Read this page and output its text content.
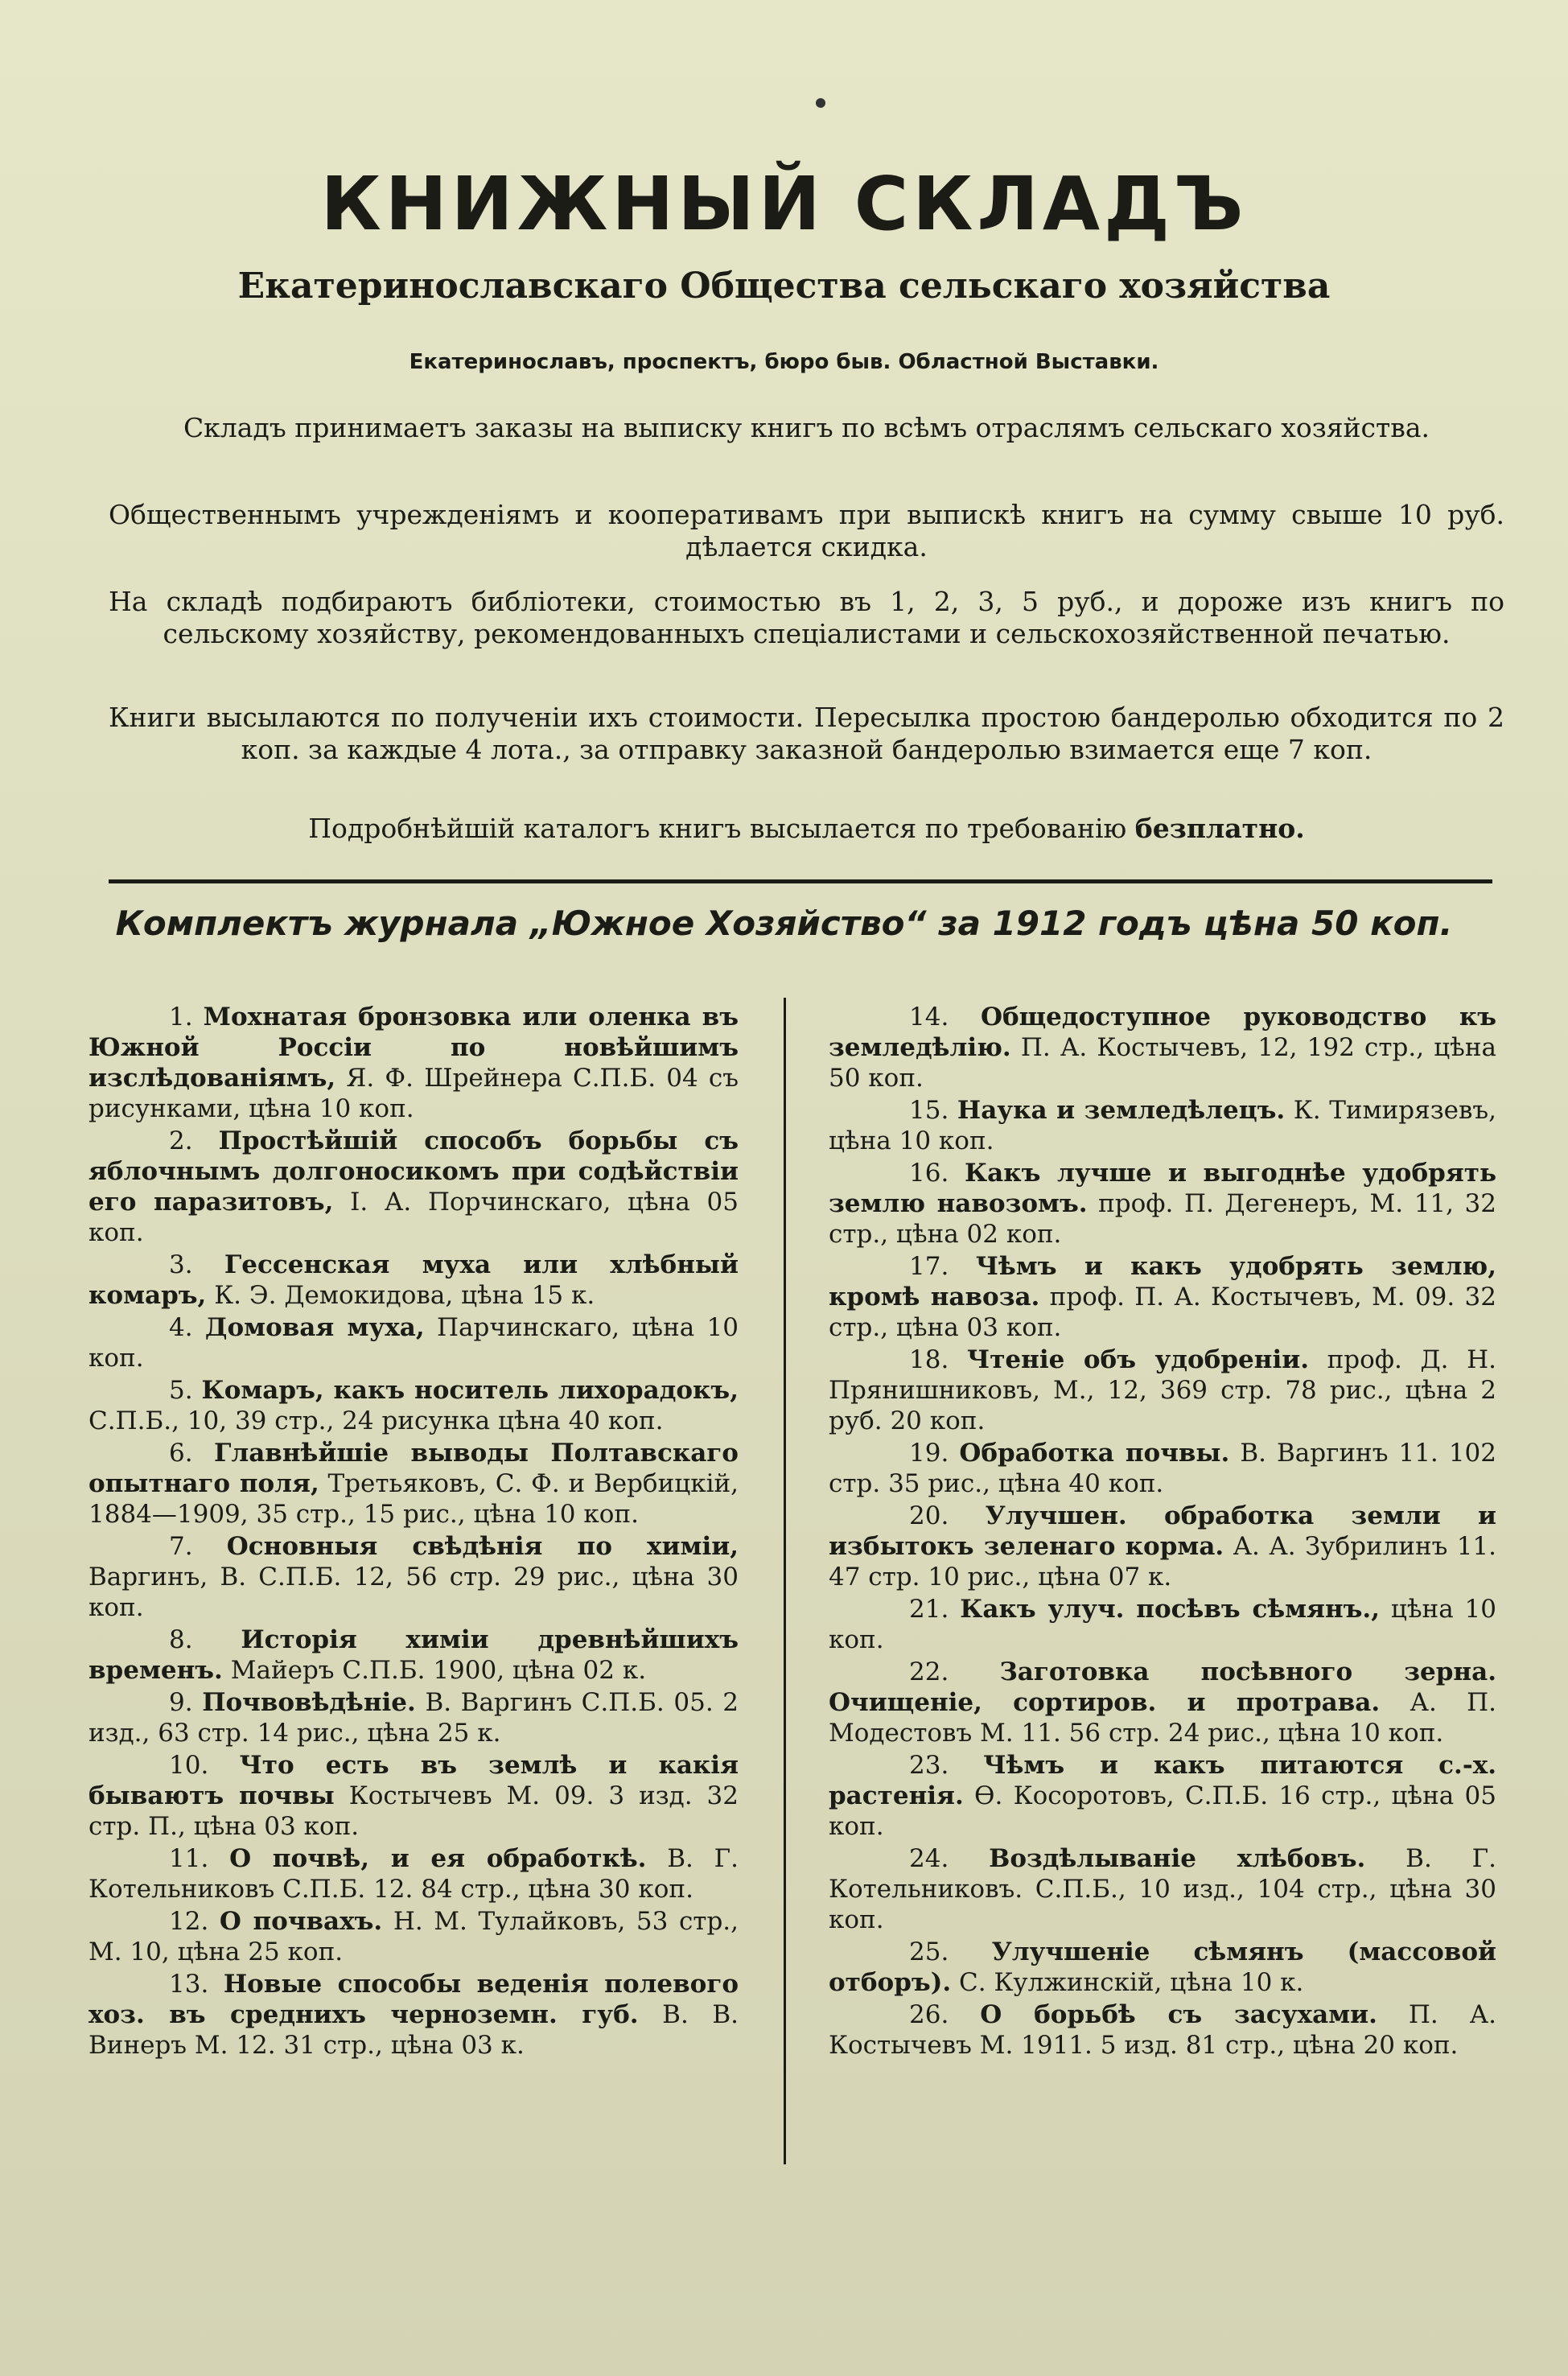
КНИЖНЫЙ СКЛАДЪ
Екатеринославскаго Общества сельскаго хозяйства
Екатеринославъ, проспектъ, бюро быв. Областной Выставки.
Складъ принимаетъ заказы на выписку книгъ по всѣмъ отраслямъ сельскаго хозяйства.
Общественнымъ учрежденіямъ и кооперативамъ при выпискѣ книгъ на сумму свыше 10 руб. дѣлается скидка.
На складѣ подбираютъ библіотеки, стоимостью въ 1, 2, 3, 5 руб., и дороже изъ книгъ по сельскому хозяйству, рекомендованныхъ спеціалистами и сельскохозяйственной печатью.
Книги высылаются по полученіи ихъ стоимости. Пересылка простою бандеролью обходится по 2 коп. за каждые 4 лота., за отправку заказной бандеролью взимается еще 7 коп.
Подробнѣйшій каталогъ книгъ высылается по требованію безплатно.
Комплектъ журнала „Южное Хозяйство“ за 1912 годъ цѣна 50 коп.
1. Мохнатая бронзовка или оленка въ Южной Россіи по новѣйшимъ изслѣдованіямъ, Я. Ф. Шрейнера С.П.Б. 04 съ рисунками, цѣна 10 коп.
2. Простѣйшій способъ борьбы съ яблочнымъ долгоносикомъ при содѣйствіи его паразитовъ, I. А. Порчинскаго, цѣна 05 коп.
3. Гессенская муха или хлѣбный комаръ, К. Э. Демокидова, цѣна 15 к.
4. Домовая муха, Парчинскаго, цѣна 10 коп.
5. Комаръ, какъ носитель лихорадокъ, С.П.Б., 10, 39 стр., 24 рисунка цѣна 40 коп.
6. Главнѣйшіе выводы Полтавскаго опытнаго поля, Третьяковъ, С. Ф. и Вербицкій, 1884—1909, 35 стр., 15 рис., цѣна 10 коп.
7. Основныя свѣдѣнія по химіи, Варгинъ, В. С.П.Б. 12, 56 стр. 29 рис., цѣна 30 коп.
8. Исторія химіи древнѣйшихъ временъ. Майеръ С.П.Б. 1900, цѣна 02 к.
9. Почвовѣдѣніе. В. Варгинъ С.П.Б. 05. 2 изд., 63 стр. 14 рис., цѣна 25 к.
10. Что есть въ землѣ и какія бываютъ почвы Костычевъ М. 09. 3 изд. 32 стр. П., цѣна 03 коп.
11. О почвѣ, и ея обработкѣ. В. Г. Котельниковъ С.П.Б. 12. 84 стр., цѣна 30 коп.
12. О почвахъ. Н. М. Тулайковъ, 53 стр., М. 10, цѣна 25 коп.
13. Новые способы веденія полевого хоз. въ среднихъ черноземн. губ. В. В. Винеръ М. 12. 31 стр., цѣна 03 к.
14. Общедоступное руководство къ земледѣлію. П. А. Костычевъ, 12, 192 стр., цѣна 50 коп.
15. Наука и земледѣлецъ. К. Тимирязевъ, цѣна 10 коп.
16. Какъ лучше и выгоднѣе удобрять землю навозомъ. проф. П. Дегенеръ, М. 11, 32 стр., цѣна 02 коп.
17. Чѣмъ и какъ удобрять землю, кромѣ навоза. проф. П. А. Костычевъ, М. 09. 32 стр., цѣна 03 коп.
18. Чтеніе объ удобреніи. проф. Д. Н. Прянишниковъ, М., 12, 369 стр. 78 рис., цѣна 2 руб. 20 коп.
19. Обработка почвы. В. Варгинъ 11. 102 стр. 35 рис., цѣна 40 коп.
20. Улучшен. обработка земли и избытокъ зеленаго корма. А. А. Зубрилинъ 11. 47 стр. 10 рис., цѣна 07 к.
21. Какъ улуч. посѣвъ сѣмянъ., цѣна 10 коп.
22. Заготовка посѣвного зерна. Очищеніе, сортиров. и протрава. А. П. Модестовъ М. 11. 56 стр. 24 рис., цѣна 10 коп.
23. Чѣмъ и какъ питаются с.-х. растенія. Ѳ. Косоротовъ, С.П.Б. 16 стр., цѣна 05 коп.
24. Воздѣлываніе хлѣбовъ. В. Г. Котельниковъ. С.П.Б., 10 изд., 104 стр., цѣна 30 коп.
25. Улучшеніе сѣмянъ (массовой отборъ). С. Кулжинскій, цѣна 10 к.
26. О борьбѣ съ засухами. П. А. Костычевъ М. 1911. 5 изд. 81 стр., цѣна 20 коп.
